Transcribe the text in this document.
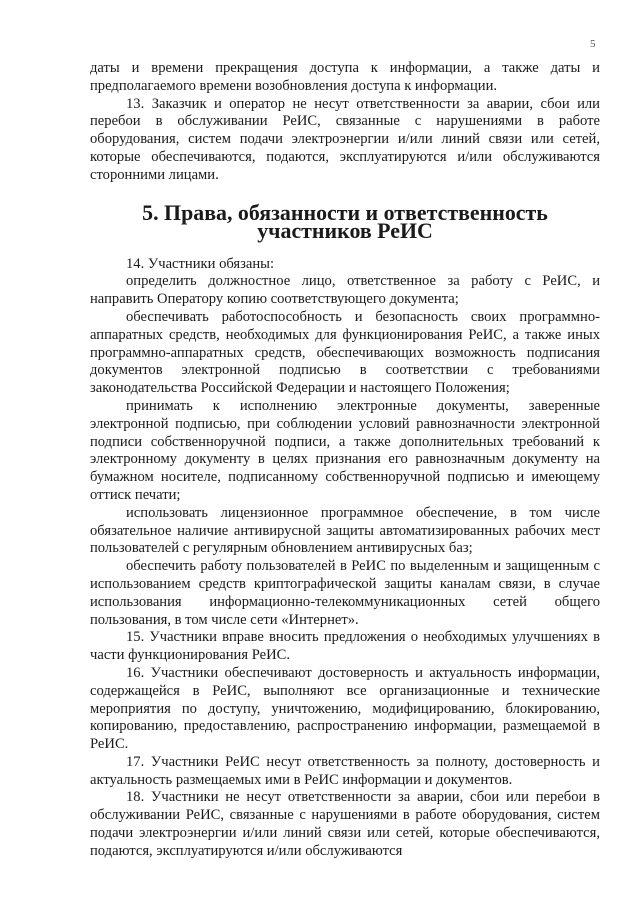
5

даты и времени прекращения доступа к информации, а также даты и предполагаемого времени возобновления доступа к информации.

13. Заказчик и оператор не несут ответственности за аварии, сбои или перебои в обслуживании РеИС, связанные с нарушениями в работе оборудования, систем подачи электроэнергии и/или линий связи или сетей, которые обеспечиваются, подаются, эксплуатируются и/или обслуживаются сторонними лицами.

5. Права, обязанности и ответственность участников РеИС

14. Участники обязаны:

определить должностное лицо, ответственное за работу с РеИС, и направить Оператору копию соответствующего документа;

обеспечивать работоспособность и безопасность своих программно-аппаратных средств, необходимых для функционирования РеИС, а также иных программно-аппаратных средств, обеспечивающих возможность подписания документов электронной подписью в соответствии с требованиями законодательства Российской Федерации и настоящего Положения;

принимать к исполнению электронные документы, заверенные электронной подписью, при соблюдении условий равнозначности электронной подписи собственноручной подписи, а также дополнительных требований к электронному документу в целях признания его равнозначным документу на бумажном носителе, подписанному собственноручной подписью и имеющему оттиск печати;

использовать лицензионное программное обеспечение, в том числе обязательное наличие антивирусной защиты автоматизированных рабочих мест пользователей с регулярным обновлением антивирусных баз;

обеспечить работу пользователей в РеИС по выделенным и защищенным с использованием средств криптографической защиты каналам связи, в случае использования информационно-телекоммуникационных сетей общего пользования, в том числе сети «Интернет».

15. Участники вправе вносить предложения о необходимых улучшениях в части функционирования РеИС.

16. Участники обеспечивают достоверность и актуальность информации, содержащейся в РеИС, выполняют все организационные и технические мероприятия по доступу, уничтожению, модифицированию, блокированию, копированию, предоставлению, распространению информации, размещаемой в РеИС.

17. Участники РеИС несут ответственность за полноту, достоверность и актуальность размещаемых ими в РеИС информации и документов.

18. Участники не несут ответственности за аварии, сбои или перебои в обслуживании РеИС, связанные с нарушениями в работе оборудования, систем подачи электроэнергии и/или линий связи или сетей, которые обеспечиваются, подаются, эксплуатируются и/или обслуживаются
